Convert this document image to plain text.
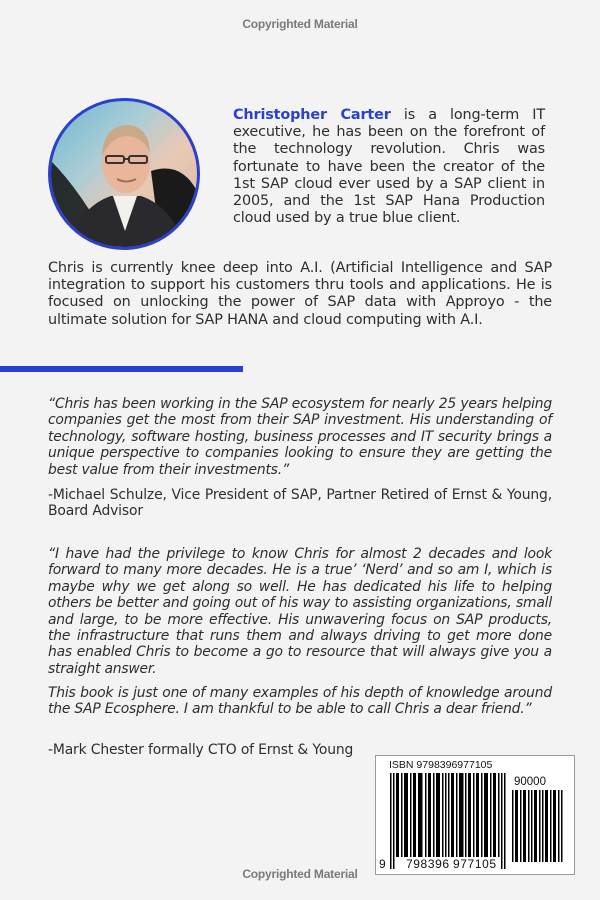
Copyrighted Material
Christopher Carter is a long-term IT executive, he has been on the forefront of the technology revolution. Chris was fortunate to have been the creator of the 1st SAP cloud ever used by a SAP client in 2005, and the 1st SAP Hana Production cloud used by a true blue client.
Chris is currently knee deep into A.I. (Artificial Intelligence and SAP integration to support his customers thru tools and applications. He is focused on unlocking the power of SAP data with Approyo - the ultimate solution for SAP HANA and cloud computing with A.I.
“Chris has been working in the SAP ecosystem for nearly 25 years helping companies get the most from their SAP investment. His understanding of technology, software hosting, business processes and IT security brings a unique perspective to companies looking to ensure they are getting the best value from their investments.”
-Michael Schulze, Vice President of SAP, Partner Retired of Ernst & Young, Board Advisor
“I have had the privilege to know Chris for almost 2 decades and look forward to many more decades. He is a true’ ‘Nerd’ and so am I, which is maybe why we get along so well. He has dedicated his life to helping others be better and going out of his way to assisting organizations, small and large, to be more effective. His unwavering focus on SAP products, the infrastructure that runs them and always driving to get more done has enabled Chris to become a go to resource that will always give you a straight answer.
This book is just one of many examples of his depth of knowledge around the SAP Ecosphere. I am thankful to be able to call Chris a dear friend.”
-Mark Chester formally CTO of Ernst & Young
ISBN 9798396977105
90000
9 798396 977105
Copyrighted Material
